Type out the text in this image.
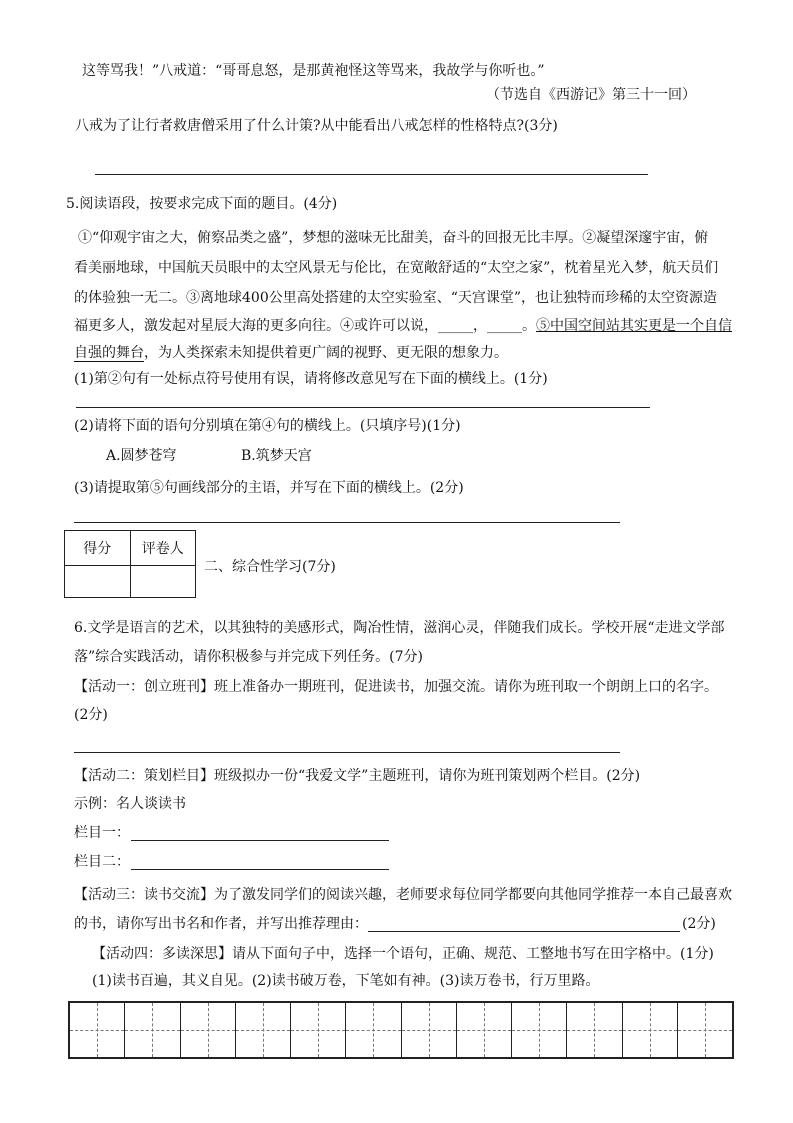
这等骂我！”八戒道：“哥哥息怒，是那黄袍怪这等骂来，我故学与你听也。”
（节选自《西游记》第三十一回）
八戒为了让行者救唐僧采用了什么计策?从中能看出八戒怎样的性格特点?(3分)
5.阅读语段，按要求完成下面的题目。(4分)
①“仰观宇宙之大，俯察品类之盛”，梦想的滋味无比甜美，奋斗的回报无比丰厚。②凝望深邃宇宙，俯
看美丽地球，中国航天员眼中的太空风景无与伦比，在宽敞舒适的“太空之家”，枕着星光入梦，航天员们
的体验独一无二。③离地球400公里高处搭建的太空实验室、“天宫课堂”，也让独特而珍稀的太空资源造
福更多人，激发起对星辰大海的更多向往。④或许可以说，_____，_____。⑤中国空间站其实更是一个自信
自强的舞台，为人类探索未知提供着更广阔的视野、更无限的想象力。
(1)第②句有一处标点符号使用有误，请将修改意见写在下面的横线上。(1分)
(2)请将下面的语句分别填在第④句的横线上。(只填序号)(1分)
A.圆梦苍穹	B.筑梦天宫
(3)请提取第⑤句画线部分的主语，并写在下面的横线上。(2分)
得分	评卷人

二、综合性学习(7分)
6.文学是语言的艺术，以其独特的美感形式，陶冶性情，滋润心灵，伴随我们成长。学校开展“走进文学部
落”综合实践活动，请你积极参与并完成下列任务。(7分)
【活动一：创立班刊】班上准备办一期班刊，促进读书，加强交流。请你为班刊取一个朗朗上口的名字。
(2分)
【活动二：策划栏目】班级拟办一份“我爱文学”主题班刊，请你为班刊策划两个栏目。(2分)
示例：名人谈读书
栏目一：
栏目二：
【活动三：读书交流】为了激发同学们的阅读兴趣，老师要求每位同学都要向其他同学推荐一本自己最喜欢
的书，请你写出书名和作者，并写出推荐理由：	(2分)
【活动四：多读深思】请从下面句子中，选择一个语句，正确、规范、工整地书写在田字格中。(1分)
(1)读书百遍，其义自见。(2)读书破万卷，下笔如有神。(3)读万卷书，行万里路。
